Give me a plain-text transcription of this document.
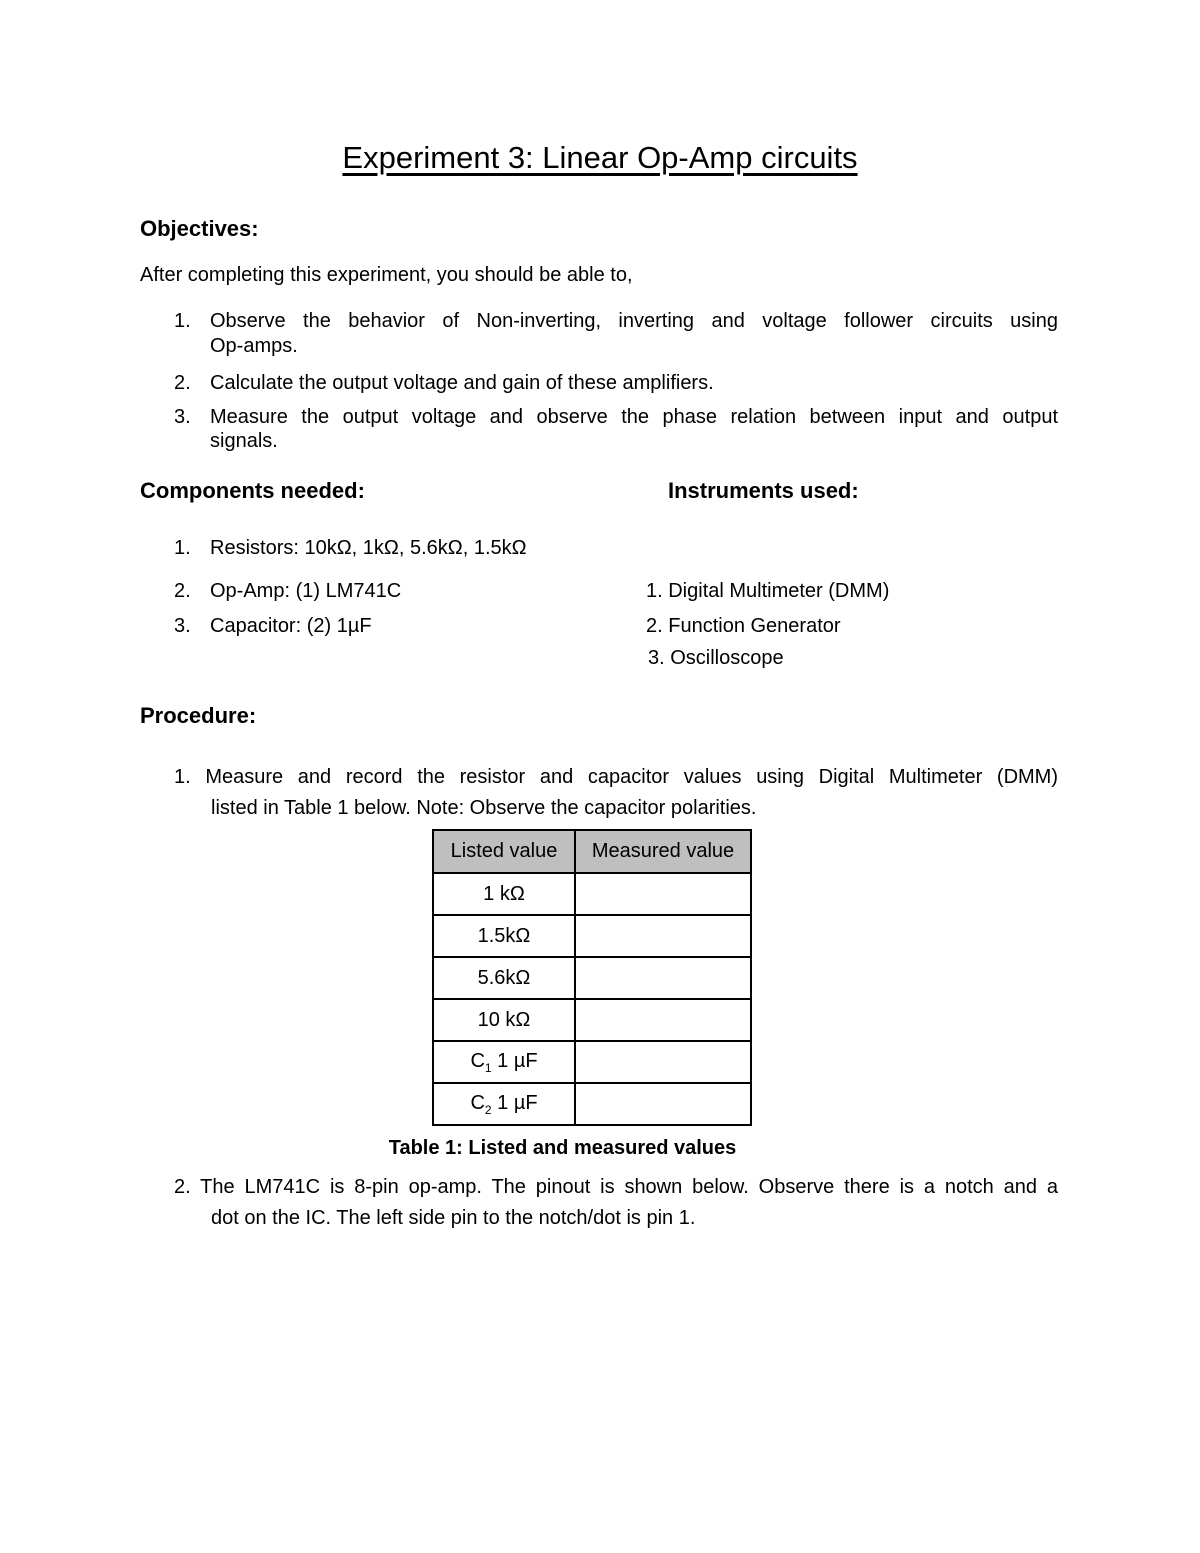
Experiment 3: Linear Op-Amp circuits
Objectives:
After completing this experiment, you should be able to,
1. Observe the behavior of Non-inverting, inverting and voltage follower circuits using
Op-amps.
2. Calculate the output voltage and gain of these amplifiers.
3. Measure the output voltage and observe the phase relation between input and output
signals.
Components needed:	Instruments used:
1. Resistors: 10kΩ, 1kΩ, 5.6kΩ, 1.5kΩ
2. Op-Amp: (1) LM741C
3. Capacitor: (2) 1µF
1. Digital Multimeter (DMM)
2. Function Generator
3. Oscilloscope
Procedure:
1. Measure and record the resistor and capacitor values using Digital Multimeter (DMM)
listed in Table 1 below. Note: Observe the capacitor polarities.
Listed value	Measured value
1 kΩ	
1.5kΩ	
5.6kΩ	
10 kΩ	
$C_1$ 1 µF	
$C_2$ 1 µF	
Table 1: Listed and measured values
2. The LM741C is 8-pin op-amp. The pinout is shown below. Observe there is a notch and a
dot on the IC. The left side pin to the notch/dot is pin 1.
